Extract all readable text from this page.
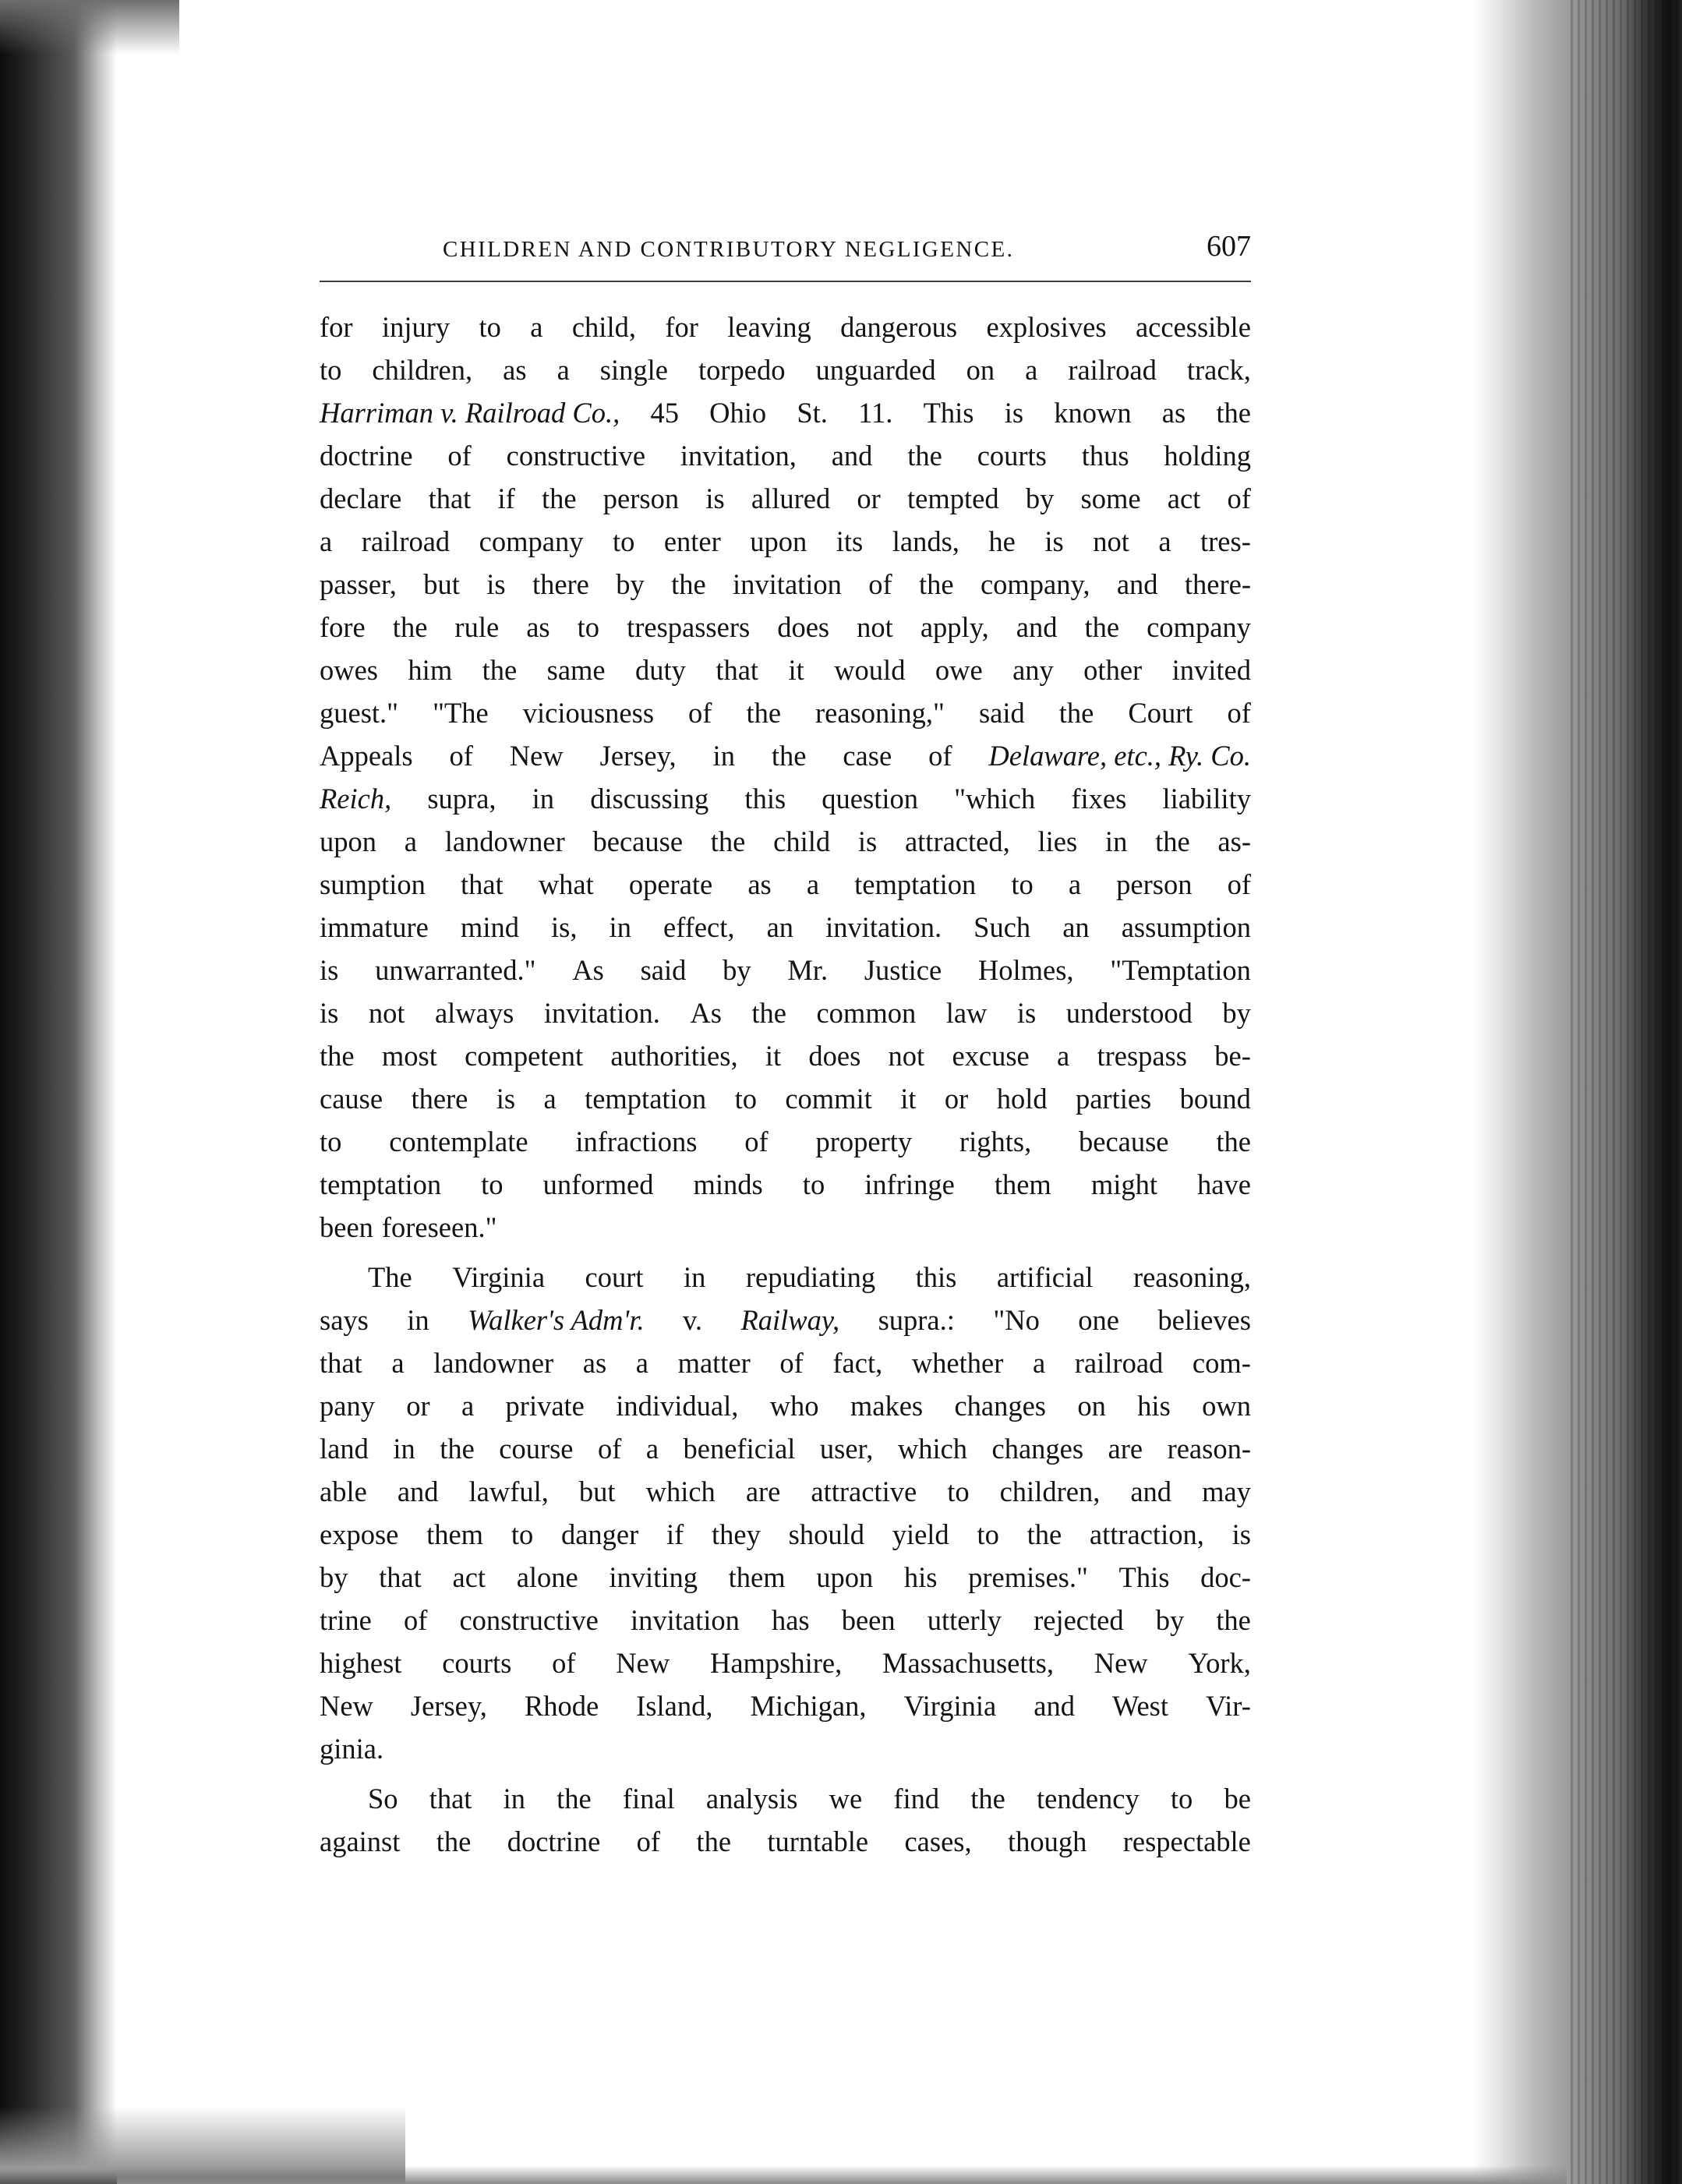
CHILDREN AND CONTRIBUTORY NEGLIGENCE.	607
for injury to a child, for leaving dangerous explosives accessible
to children, as a single torpedo unguarded on a railroad track,
Harriman v. Railroad Co., 45 Ohio St. 11. This is known as the
doctrine of constructive invitation, and the courts thus holding
declare that if the person is allured or tempted by some act of
a railroad company to enter upon its lands, he is not a tres-
passer, but is there by the invitation of the company, and there-
fore the rule as to trespassers does not apply, and the company
owes him the same duty that it would owe any other invited
guest." "The viciousness of the reasoning," said the Court of
Appeals of New Jersey, in the case of Delaware, etc., Ry. Co.
Reich, supra, in discussing this question "which fixes liability
upon a landowner because the child is attracted, lies in the as-
sumption that what operate as a temptation to a person of
immature mind is, in effect, an invitation. Such an assumption
is unwarranted." As said by Mr. Justice Holmes, "Temptation
is not always invitation. As the common law is understood by
the most competent authorities, it does not excuse a trespass be-
cause there is a temptation to commit it or hold parties bound
to contemplate infractions of property rights, because the
temptation to unformed minds to infringe them might have
been foreseen."
The Virginia court in repudiating this artificial reasoning,
says in Walker's Adm'r. v. Railway, supra.: "No one believes
that a landowner as a matter of fact, whether a railroad com-
pany or a private individual, who makes changes on his own
land in the course of a beneficial user, which changes are reason-
able and lawful, but which are attractive to children, and may
expose them to danger if they should yield to the attraction, is
by that act alone inviting them upon his premises." This doc-
trine of constructive invitation has been utterly rejected by the
highest courts of New Hampshire, Massachusetts, New York,
New Jersey, Rhode Island, Michigan, Virginia and West Vir-
ginia.
So that in the final analysis we find the tendency to be
against the doctrine of the turntable cases, though respectable
